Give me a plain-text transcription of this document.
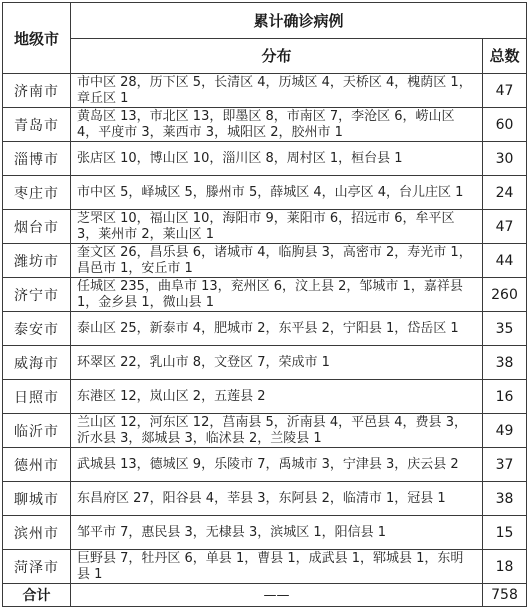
地级市	累计确诊病例	
	分布	总数
济南市	市中区 28，历下区 5，长清区 4，历城区 4，天桥区 4，槐荫区 1，章丘区 1	47
青岛市	黄岛区 13，市北区 13，即墨区 8，市南区 7，李沧区 6，崂山区 4，平度市 3，莱西市 3，城阳区 2，胶州市 1	60
淄博市	张店区 10，博山区 10，淄川区 8，周村区 1，桓台县 1	30
枣庄市	市中区 5，峄城区 5，滕州市 5，薛城区 4，山亭区 4，台儿庄区 1	24
烟台市	芝罘区 10，福山区 10，海阳市 9，莱阳市 6，招远市 6，牟平区 3，莱州市 2，莱山区 1	47
潍坊市	奎文区 26，昌乐县 6，诸城市 4，临朐县 3，高密市 2，寿光市 1，昌邑市 1，安丘市 1	44
济宁市	任城区 235，曲阜市 13，兖州区 6，汶上县 2，邹城市 1，嘉祥县 1，金乡县 1，微山县 1	260
泰安市	泰山区 25，新泰市 4，肥城市 2，东平县 2，宁阳县 1，岱岳区 1	35
威海市	环翠区 22，乳山市 8，文登区 7，荣成市 1	38
日照市	东港区 12，岚山区 2，五莲县 2	16
临沂市	兰山区 12，河东区 12，莒南县 5，沂南县 4，平邑县 4，费县 3，沂水县 3，郯城县 3，临沭县 2，兰陵县 1	49
德州市	武城县 13，德城区 9，乐陵市 7，禹城市 3，宁津县 3，庆云县 2	37
聊城市	东昌府区 27，阳谷县 4，莘县 3，东阿县 2，临清市 1，冠县 1	38
滨州市	邹平市 7，惠民县 3，无棣县 3，滨城区 1，阳信县 1	15
菏泽市	巨野县 7，牡丹区 6，单县 1，曹县 1，成武县 1，郓城县 1，东明县 1	18
合计	——	758
